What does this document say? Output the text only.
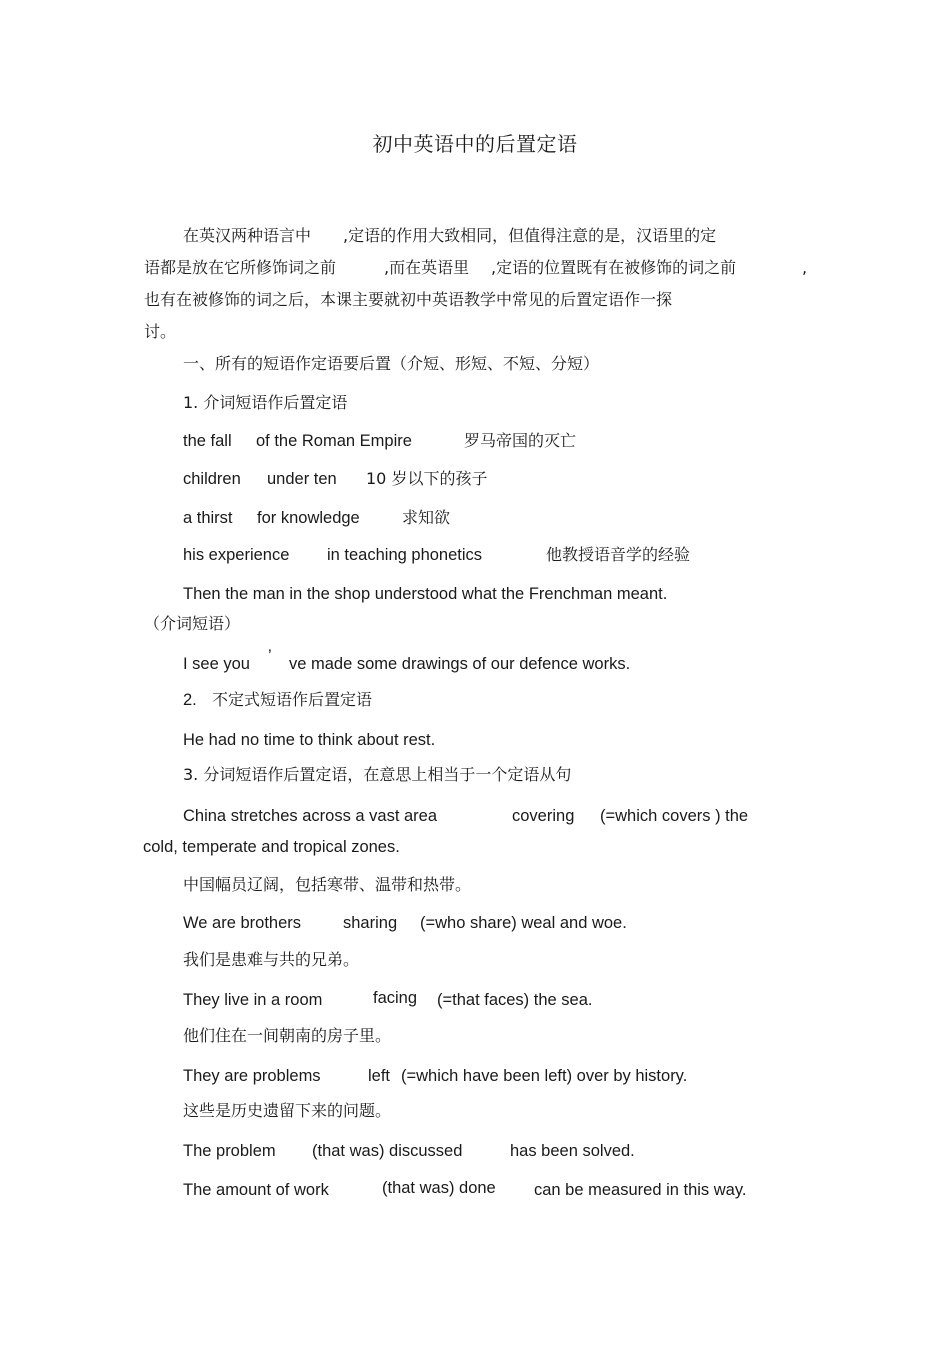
初中英语中的后置定语
在英汉两种语言中 ,定语的作用大致相同，但值得注意的是，汉语里的定
语都是放在它所修饰词之前	,而在英语里 ,定语的位置既有在被修饰的词之前	,
也有在被修饰的词之后，本课主要就初中英语教学中常见的后置定语作一探
讨。
一、所有的短语作定语要后置（介短、形短、不短、分短）
1. 介词短语作后置定语
the fall of the Roman Empire	罗马帝国的灭亡
children under ten 10 岁以下的孩子
a thirst for knowledge	求知欲
his experience in teaching phonetics	他教授语音学的经验
Then the man in the shop understood what the Frenchman meant.
（介词短语）
I see you ’ ve made some drawings of our defence works.
2. 不定式短语作后置定语
He had no time to think about rest.
3. 分词短语作后置定语，在意思上相当于一个定语从句
China stretches across a vast area	covering (=which covers ) the
cold, temperate and tropical zones.
中国幅员辽阔，包括寒带、温带和热带。
We are brothers	sharing (=who share) weal and woe.
我们是患难与共的兄弟。
They live in a room	facing (=that faces) the sea.
他们住在一间朝南的房子里。
They are problems	left (=which have been left) over by history.
这些是历史遗留下来的问题。
The problem (that was) discussed	has been solved.
The amount of work	(that was) done can be measured in this way.
